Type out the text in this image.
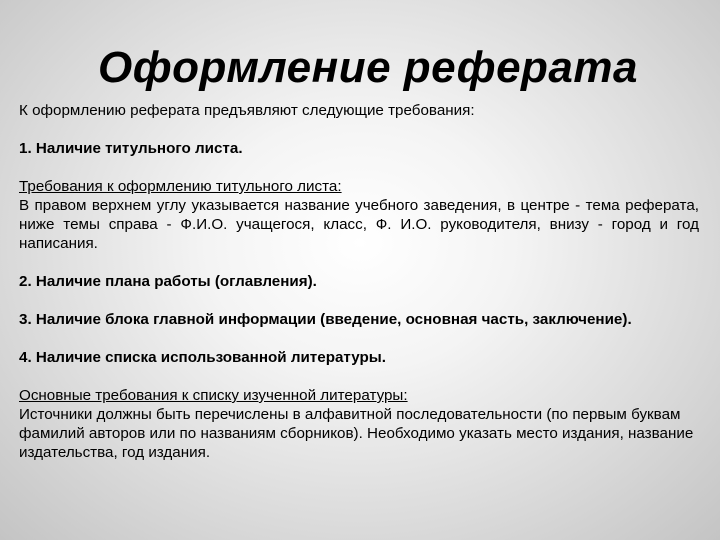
Оформление реферата

К оформлению реферата предъявляют следующие требования:

1. Наличие титульного листа.

Требования к оформлению титульного листа:

В правом верхнем углу указывается название учебного заведения, в центре - тема реферата, ниже темы справа - Ф.И.О. учащегося, класс, Ф. И.О. руководителя, внизу - город и год написания.

2. Наличие плана работы (оглавления).

3. Наличие блока главной информации (введение, основная часть, заключение).

4. Наличие списка использованной литературы.

Основные требования к списку изученной литературы:

Источники должны быть перечислены в алфавитной последовательности (по первым буквам фамилий авторов или по названиям сборников). Необходимо указать место издания, название издательства, год издания.
